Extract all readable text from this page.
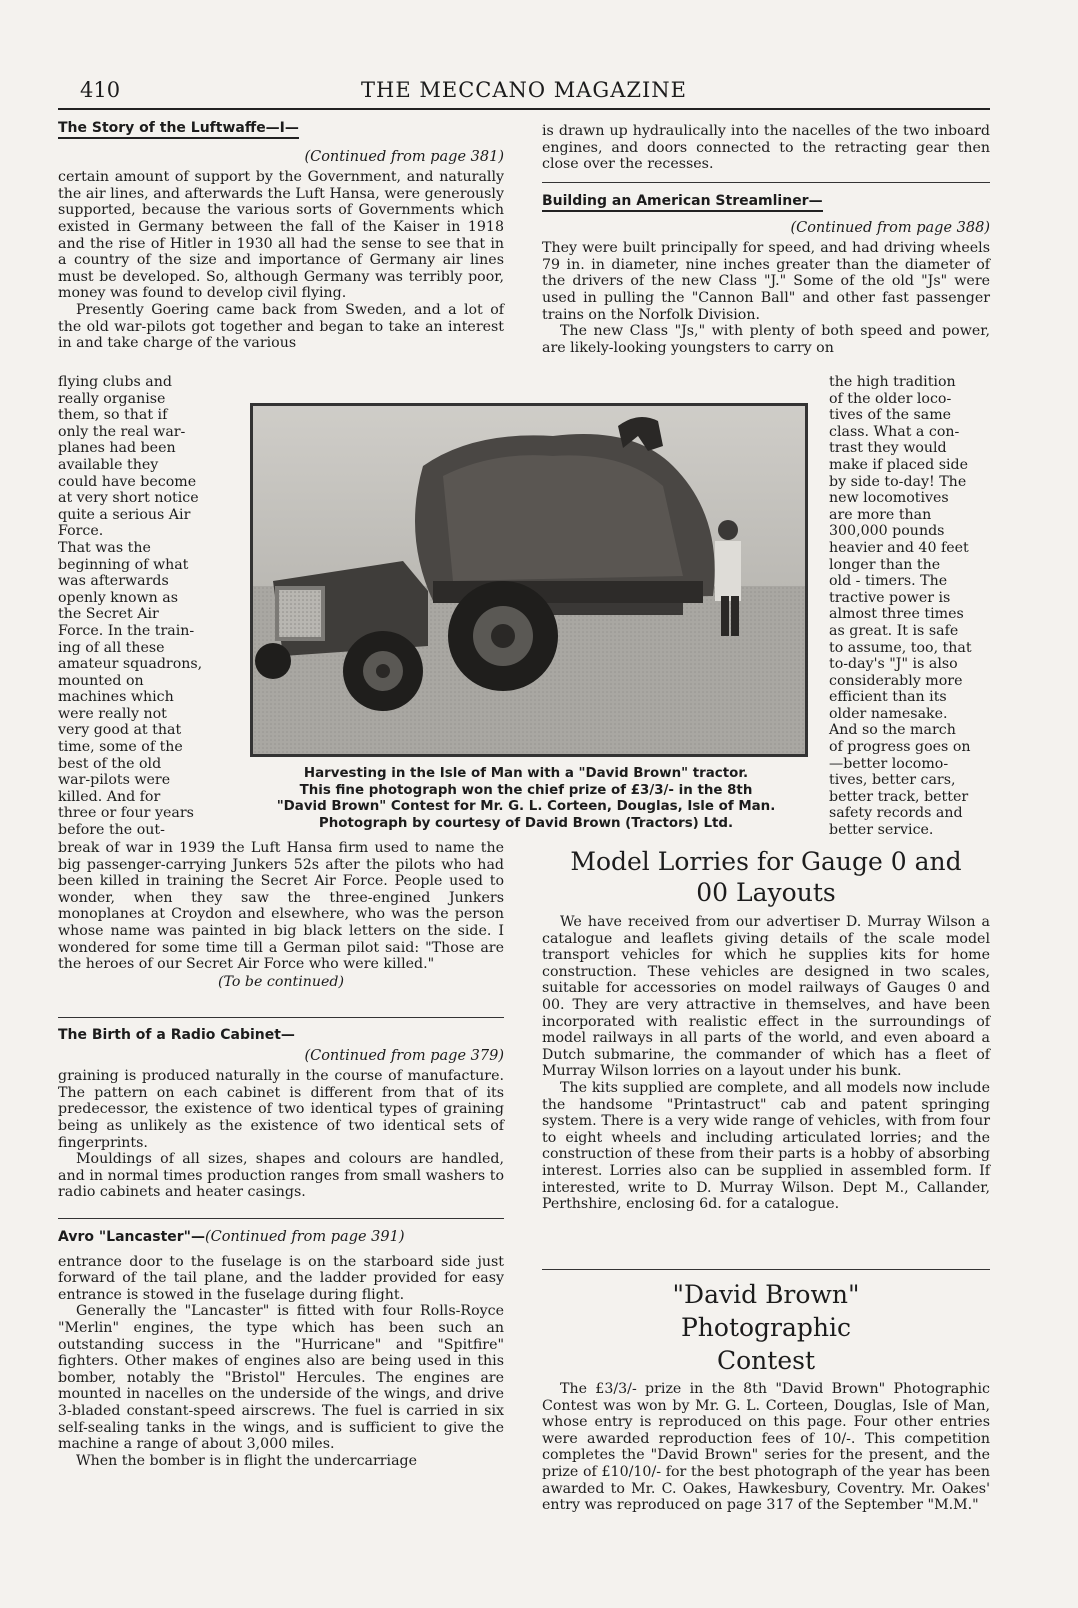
410	THE MECCANO MAGAZINE
The Story of the Luftwaffe—I—
(Continued from page 381)

certain amount of support by the Government, and naturally the air lines, and afterwards the Luft Hansa, were generously supported, because the various sorts of Governments which existed in Germany between the fall of the Kaiser in 1918 and the rise of Hitler in 1930 all had the sense to see that in a country of the size and importance of Germany air lines must be developed. So, although Germany was terribly poor, money was found to develop civil flying.

Presently Goering came back from Sweden, and a lot of the old war-pilots got together and began to take an interest in and take charge of the various

flying clubs and
really organise
them, so that if
only the real war-
planes had been
available they
could have become
at very short notice
quite a serious Air
Force.
That was the
beginning of what
was afterwards
openly known as
the Secret Air
Force. In the train-
ing of all these
amateur squadrons,
mounted on
machines which
were really not
very good at that
time, some of the
best of the old
war-pilots were
killed. And for
three or four years
before the out-

break of war in 1939 the Luft Hansa firm used to name the big passenger-carrying Junkers 52s after the pilots who had been killed in training the Secret Air Force. People used to wonder, when they saw the three-engined Junkers monoplanes at Croydon and elsewhere, who was the person whose name was painted in big black letters on the side. I wondered for some time till a German pilot said: "Those are the heroes of our Secret Air Force who were killed."

(To be continued)
The Birth of a Radio Cabinet—
(Continued from page 379)

graining is produced naturally in the course of manufacture. The pattern on each cabinet is different from that of its predecessor, the existence of two identical types of graining being as unlikely as the existence of two identical sets of fingerprints.

Mouldings of all sizes, shapes and colours are handled, and in normal times production ranges from small washers to radio cabinets and heater casings.

Avro "Lancaster"—(Continued from page 391)

entrance door to the fuselage is on the starboard side just forward of the tail plane, and the ladder provided for easy entrance is stowed in the fuselage during flight.

Generally the "Lancaster" is fitted with four Rolls-Royce "Merlin" engines, the type which has been such an outstanding success in the "Hurricane" and "Spitfire" fighters. Other makes of engines also are being used in this bomber, notably the "Bristol" Hercules. The engines are mounted in nacelles on the underside of the wings, and drive 3-bladed constant-speed airscrews. The fuel is carried in six self-sealing tanks in the wings, and is sufficient to give the machine a range of about 3,000 miles.

When the bomber is in flight the undercarriage

is drawn up hydraulically into the nacelles of the two inboard engines, and doors connected to the retracting gear then close over the recesses.

Building an American Streamliner—
(Continued from page 388)

They were built principally for speed, and had driving wheels 79 in. in diameter, nine inches greater than the diameter of the drivers of the new Class "J." Some of the old "Js" were used in pulling the "Cannon Ball" and other fast passenger trains on the Norfolk Division.

The new Class "Js," with plenty of both speed and power, are likely-looking youngsters to carry on

the high tradition
of the older loco-
tives of the same
class. What a con-
trast they would
make if placed side
by side to-day! The
new locomotives
are more than
300,000 pounds
heavier and 40 feet
longer than the
old - timers. The
tractive power is
almost three times
as great. It is safe
to assume, too, that
to-day's "J" is also
considerably more
efficient than its
older namesake.
And so the march
of progress goes on
—better locomo-
tives, better cars,
better track, better
safety records and
better service.
Harvesting in the Isle of Man with a "David Brown" tractor.
This fine photograph won the chief prize of £3/3/- in the 8th
"David Brown" Contest for Mr. G. L. Corteen, Douglas, Isle of Man.
Photograph by courtesy of David Brown (Tractors) Ltd.
Model Lorries for Gauge 0 and 00 Layouts

We have received from our advertiser D. Murray Wilson a catalogue and leaflets giving details of the scale model transport vehicles for which he supplies kits for home construction. These vehicles are designed in two scales, suitable for accessories on model railways of Gauges 0 and 00. They are very attractive in themselves, and have been incorporated with realistic effect in the surroundings of model railways in all parts of the world, and even aboard a Dutch submarine, the commander of which has a fleet of Murray Wilson lorries on a layout under his bunk.

The kits supplied are complete, and all models now include the handsome "Printastruct" cab and patent springing system. There is a very wide range of vehicles, with from four to eight wheels and including articulated lorries; and the construction of these from their parts is a hobby of absorbing interest. Lorries also can be supplied in assembled form. If interested, write to D. Murray Wilson. Dept M., Callander, Perthshire, enclosing 6d. for a catalogue.

"David Brown" Photographic Contest

The £3/3/- prize in the 8th "David Brown" Photographic Contest was won by Mr. G. L. Corteen, Douglas, Isle of Man, whose entry is reproduced on this page. Four other entries were awarded reproduction fees of 10/-. This competition completes the "David Brown" series for the present, and the prize of £10/10/- for the best photograph of the year has been awarded to Mr. C. Oakes, Hawkesbury, Coventry. Mr. Oakes' entry was reproduced on page 317 of the September "M.M."
